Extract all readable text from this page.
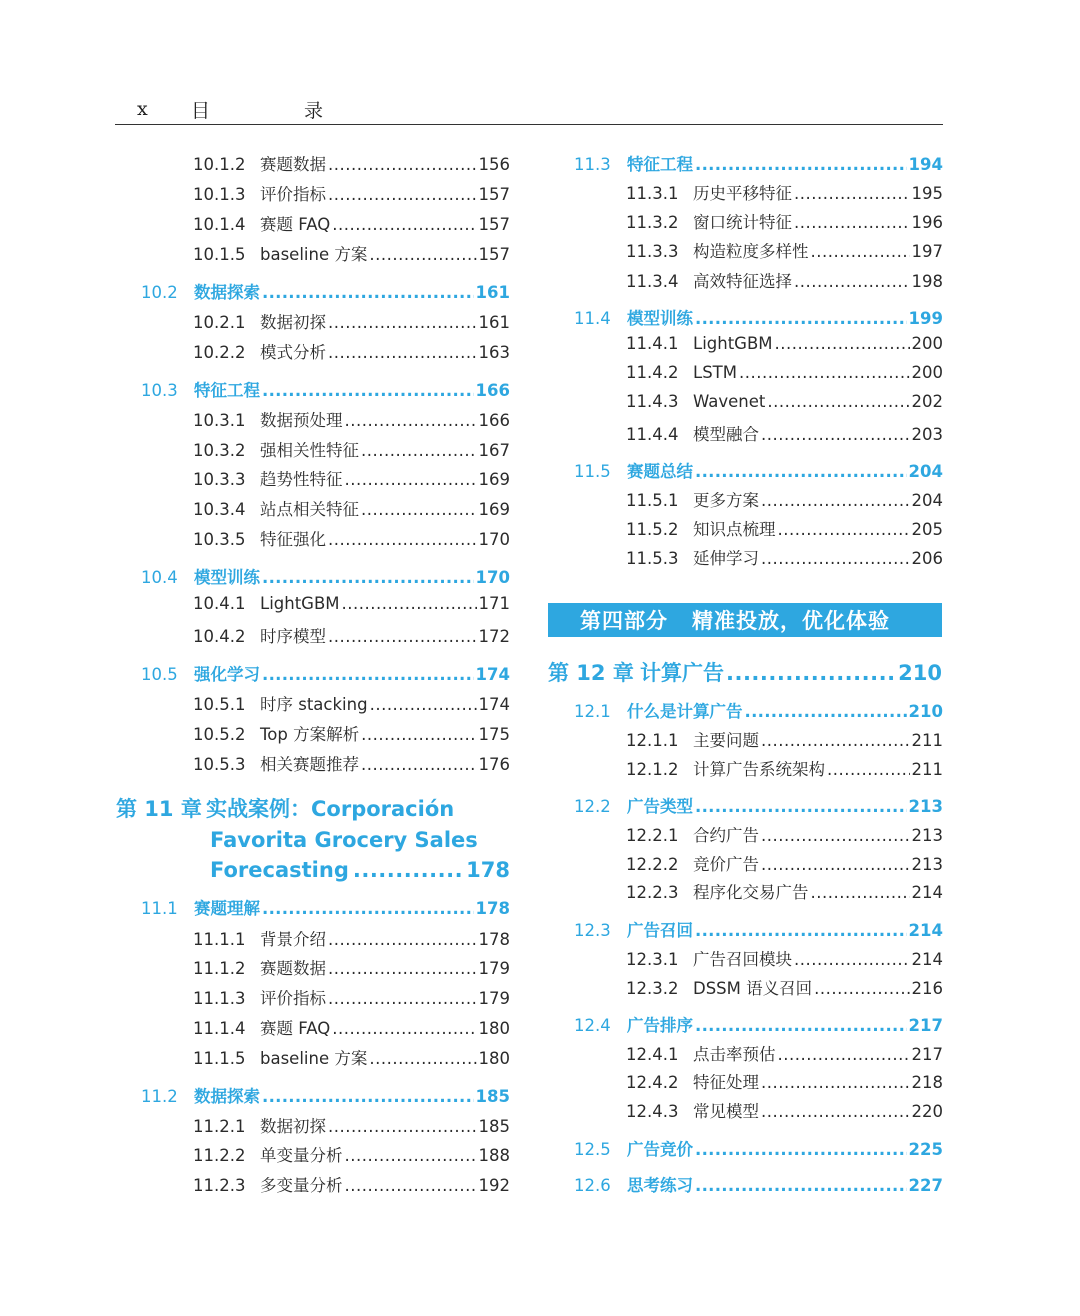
x 目 录
10.1.2 赛题数据 .....	156
10.1.3 评价指标 .....	157
10.1.4 赛题 FAQ .....	157
10.1.5 baseline 方案 .....	157
10.2 数据探索 .....	161
10.2.1 数据初探 .....	161
10.2.2 模式分析 .....	163
10.3 特征工程 .....	166
10.3.1 数据预处理 .....	166
10.3.2 强相关性特征 .....	167
10.3.3 趋势性特征 .....	169
10.3.4 站点相关特征 .....	169
10.3.5 特征强化 .....	170
10.4 模型训练 .....	170
10.4.1 LightGBM .....	171
10.4.2 时序模型 .....	172
10.5 强化学习 .....	174
10.5.1 时序 stacking .....	174
10.5.2 Top 方案解析 .....	175
10.5.3 相关赛题推荐 .....	176
第 11 章 实战案例：Corporación
Favorita Grocery Sales
Forecasting .....	178
11.1 赛题理解 .....	178
11.1.1 背景介绍 .....	178
11.1.2 赛题数据 .....	179
11.1.3 评价指标 .....	179
11.1.4 赛题 FAQ .....	180
11.1.5 baseline 方案 .....	180
11.2 数据探索 .....	185
11.2.1 数据初探 .....	185
11.2.2 单变量分析 .....	188
11.2.3 多变量分析 .....	192
11.3 特征工程 .....	194
11.3.1 历史平移特征 .....	195
11.3.2 窗口统计特征 .....	196
11.3.3 构造粒度多样性 .....	197
11.3.4 高效特征选择 .....	198
11.4 模型训练 .....	199
11.4.1 LightGBM .....	200
11.4.2 LSTM .....	200
11.4.3 Wavenet .....	202
11.4.4 模型融合 .....	203
11.5 赛题总结 .....	204
11.5.1 更多方案 .....	204
11.5.2 知识点梳理 .....	205
11.5.3 延伸学习 .....	206
第四部分 精准投放，优化体验
第 12 章 计算广告 .....	210
12.1 什么是计算广告 .....	210
12.1.1 主要问题 .....	211
12.1.2 计算广告系统架构 .....	211
12.2 广告类型 .....	213
12.2.1 合约广告 .....	213
12.2.2 竞价广告 .....	213
12.2.3 程序化交易广告 .....	214
12.3 广告召回 .....	214
12.3.1 广告召回模块 .....	214
12.3.2 DSSM 语义召回 .....	216
12.4 广告排序 .....	217
12.4.1 点击率预估 .....	217
12.4.2 特征处理 .....	218
12.4.3 常见模型 .....	220
12.5 广告竞价 .....	225
12.6 思考练习 .....	227
